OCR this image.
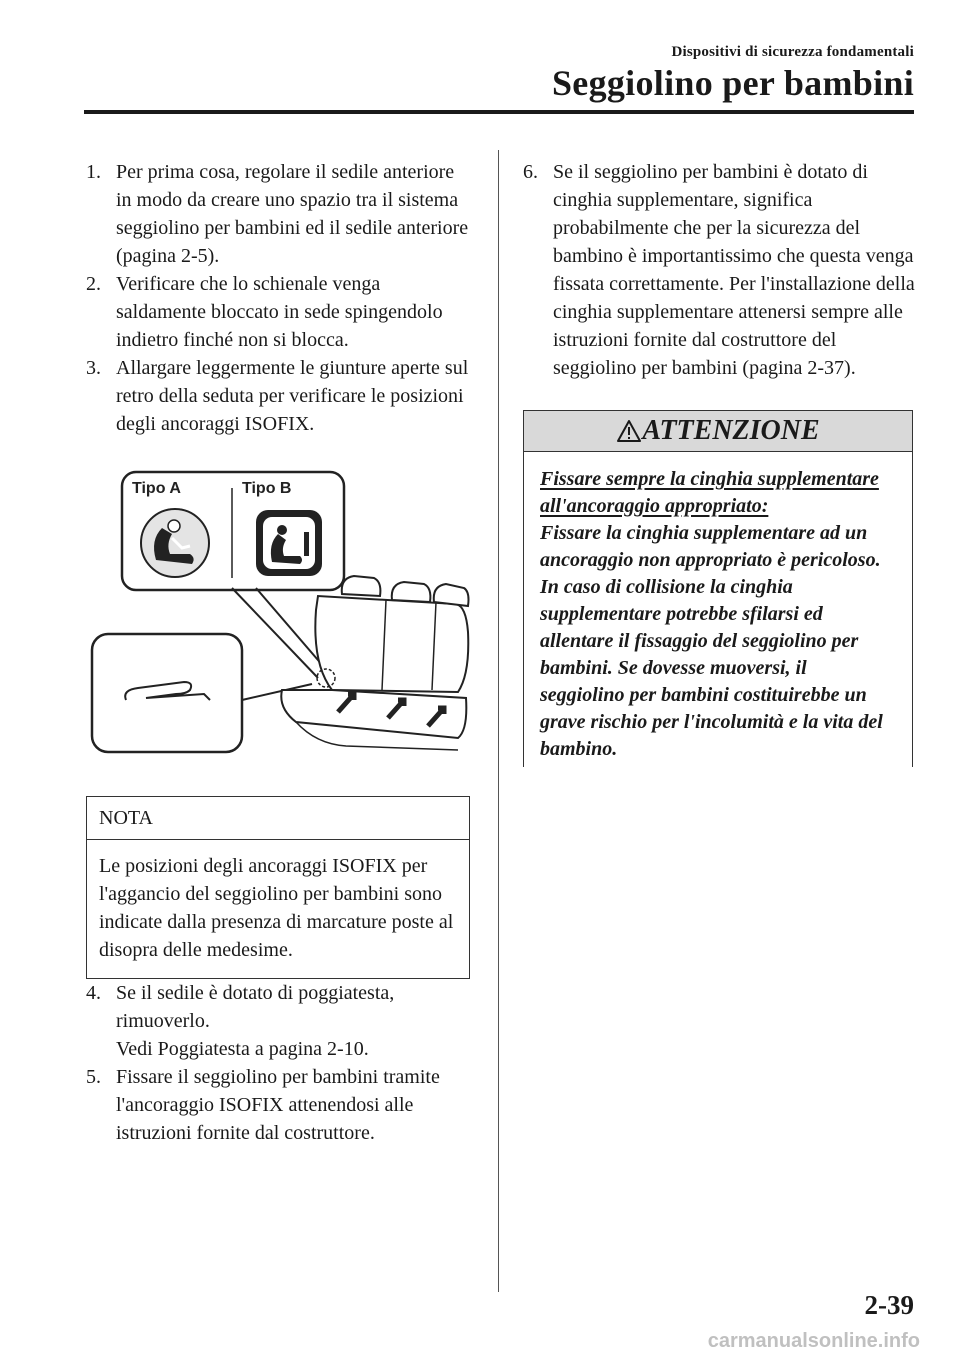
Dispositivi di sicurezza fondamentali
Seggiolino per bambini
1. Per prima cosa, regolare il sedile anteriore in modo da creare uno spazio tra il sistema seggiolino per bambini ed il sedile anteriore (pagina 2-5).
2. Verificare che lo schienale venga saldamente bloccato in sede spingendolo indietro finché non si blocca.
3. Allargare leggermente le giunture aperte sul retro della seduta per verificare le posizioni degli ancoraggi ISOFIX.
Tipo A	Tipo B
NOTA
Le posizioni degli ancoraggi ISOFIX per l'aggancio del seggiolino per bambini sono indicate dalla presenza di marcature poste al disopra delle medesime.
4. Se il sedile è dotato di poggiatesta, rimuoverlo.
Vedi Poggiatesta a pagina 2-10.
5. Fissare il seggiolino per bambini tramite l'ancoraggio ISOFIX attenendosi alle istruzioni fornite dal costruttore.
6. Se il seggiolino per bambini è dotato di cinghia supplementare, significa probabilmente che per la sicurezza del bambino è importantissimo che questa venga fissata correttamente. Per l'installazione della cinghia supplementare attenersi sempre alle istruzioni fornite dal costruttore del seggiolino per bambini (pagina 2-37).
ATTENZIONE
Fissare sempre la cinghia supplementare all'ancoraggio appropriato:
Fissare la cinghia supplementare ad un ancoraggio non appropriato è pericoloso. In caso di collisione la cinghia supplementare potrebbe sfilarsi ed allentare il fissaggio del seggiolino per bambini. Se dovesse muoversi, il seggiolino per bambini costituirebbe un grave rischio per l'incolumità e la vita del bambino.
2-39
carmanualsonline.info
